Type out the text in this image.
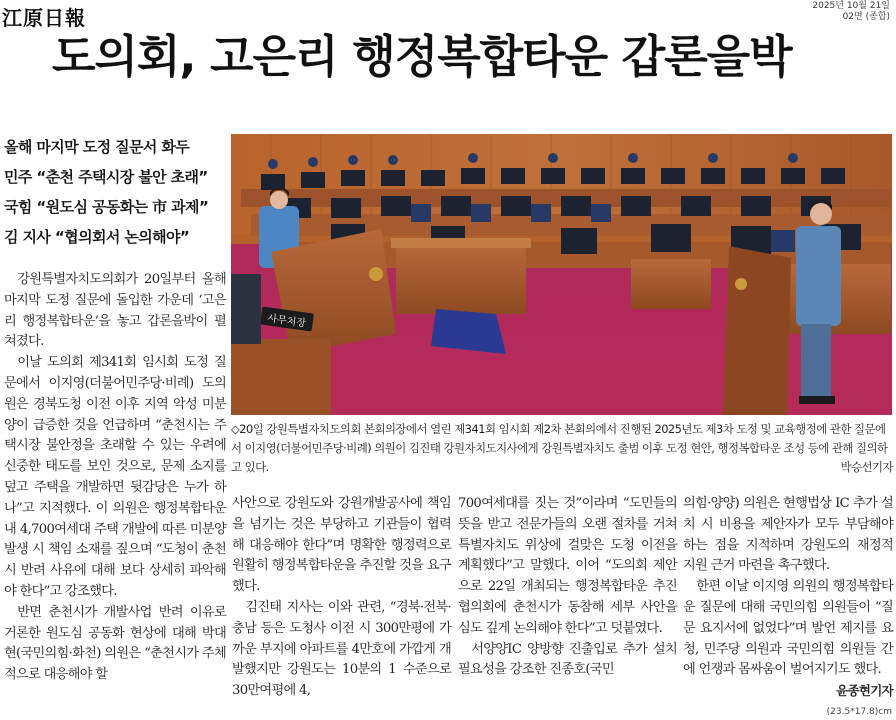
江原日報	2025년 10월 21일
02면 (종합)
도의회, 고은리 행정복합타운 갑론을박
올해 마지막 도정 질문서 화두
민주 “춘천 주택시장 불안 초래”
국힘 “원도심 공동화는 市 과제”
김 지사 “협의회서 논의해야”
사무처장
◇20일 강원특별자치도의회 본회의장에서 열린 제341회 임시회 제2차 본회의에서 진행된 2025년도 제3차 도정 및 교육행정에 관한 질문에서 이지영(더불어민주당·비례) 의원이 김진태 강원자치도지사에게 강원특별자치도 출범 이후 도정 현안, 행정복합타운 조성 등에 관해 질의하고 있다.	박승선기자

강원특별자치도의회가 20일부터 올해 마지막 도정 질문에 돌입한 가운데 ‘고은리 행정복합타운’을 놓고 갑론을박이 펼쳐졌다.

이날 도의회 제341회 임시회 도정 질문에서 이지영(더불어민주당·비례) 도의원은 경북도청 이전 이후 지역 악성 미분양이 급증한 것을 언급하며 “춘천시는 주택시장 불안정을 초래할 수 있는 우려에 신중한 태도를 보인 것으로, 문제 소지를 덮고 주택을 개발하면 뒷감당은 누가 하나”고 지적했다. 이 의원은 행정복합타운 내 4,700여세대 주택 개발에 따른 미분양 발생 시 책임 소재를 짚으며 “도청이 춘천시 반려 사유에 대해 보다 상세히 파악해야 한다”고 강조했다.

반면 춘천시가 개발사업 반려 이유로 거론한 원도심 공동화 현상에 대해 박대현(국민의힘·화천) 의원은 “춘천시가 주체적으로 대응해야 할

사안으로 강원도와 강원개발공사에 책임을 넘기는 것은 부당하고 기관들이 협력해 대응해야 한다”며 명확한 행정력으로 원활히 행정복합타운을 추진할 것을 요구했다.

김진태 지사는 이와 관련, “경북·전북·충남 등은 도청사 이전 시 300만평에 가까운 부지에 아파트를 4만호에 가깝게 개발했지만 강원도는 10분의 1 수준으로 30만여평에 4,

700여세대를 짓는 것”이라며 “도민들의 뜻을 받고 전문가들의 오랜 절차를 거쳐 특별자치도 위상에 걸맞은 도청 이전을 계획했다”고 말했다. 이어 “도의회 제안으로 22일 개최되는 행정복합타운 추진 협의회에 춘천시가 동참해 세부 사안을 심도 깊게 논의해야 한다”고 덧붙였다.

서양양IC 양방향 진출입로 추가 설치 필요성을 강조한 진종호(국민

의힘·양양) 의원은 현행법상 IC 추가 설치 시 비용을 제안자가 모두 부담해야 하는 점을 지적하며 강원도의 재정적 지원 근거 마련을 촉구했다.

한편 이날 이지영 의원의 행정복합타운 질문에 대해 국민의힘 의원들이 “질문 요지서에 없었다”며 발언 제지를 요청, 민주당 의원과 국민의힘 의원들 간에 언쟁과 몸싸움이 벌어지기도 했다.
윤종현기자

(23.5*17.8)cm
